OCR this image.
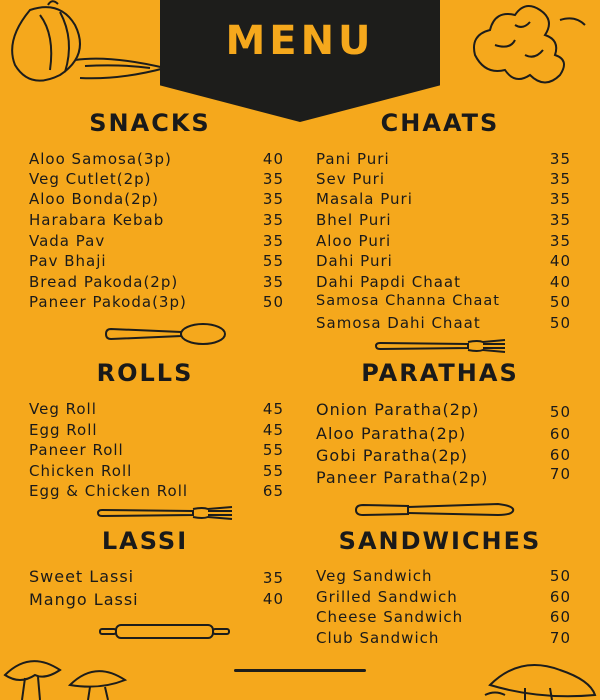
MENU
SNACKS
Aloo Samosa(3p)	40
Veg Cutlet(2p)	35
Aloo Bonda(2p)	35
Harabara Kebab	35
Vada Pav	35
Pav Bhaji	55
Bread Pakoda(2p)	35
Paneer Pakoda(3p)	50
CHAATS
Pani Puri	35
Sev Puri	35
Masala Puri	35
Bhel Puri	35
Aloo Puri	35
Dahi Puri	40
Dahi Papdi Chaat	40
Samosa Channa Chaat	50
Samosa Dahi Chaat	50
ROLLS
Veg Roll	45
Egg Roll	45
Paneer Roll	55
Chicken Roll	55
Egg & Chicken Roll	65
PARATHAS
Onion Paratha(2p)	50
Aloo Paratha(2p)	60
Gobi Paratha(2p)	60
Paneer Paratha(2p)	70
LASSI
Sweet Lassi	35
Mango Lassi	40
SANDWICHES
Veg Sandwich	50
Grilled Sandwich	60
Cheese Sandwich	60
Club Sandwich	70
